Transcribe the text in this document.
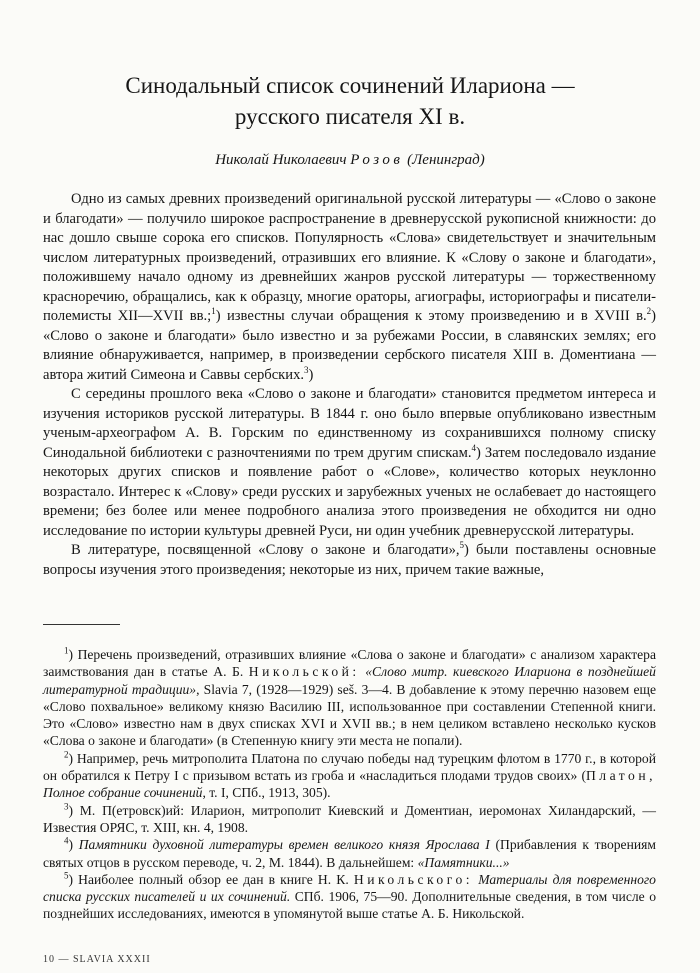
Синодальный список сочинений Илариона —
русского писателя XI в.
Николай Николаевич Розов (Ленинград)

Одно из самых древних произведений оригинальной русской литературы — «Слово о законе и благодати» — получило широкое распространение в древнерусской рукописной книжности: до нас дошло свыше сорока его списков. Популярность «Слова» свидетельствует и значительным числом литературных произведений, отразивших его влияние. К «Слову о законе и благодати», положившему начало одному из древнейших жанров русской литературы — торжественному красноречию, обращались, как к образцу, многие ораторы, агиографы, историографы и писатели-полемисты XII—XVII вв.;$^1$) известны случаи обращения к этому произведению и в XVIII в.$^2$) «Слово о законе и благодати» было известно и за рубежами России, в славянских землях; его влияние обнаруживается, например, в произведении сербского писателя XIII в. Доментиана — автора житий Симеона и Саввы сербских.$^3$)

С середины прошлого века «Слово о законе и благодати» становится предметом интереса и изучения историков русской литературы. В 1844 г. оно было впервые опубликовано известным ученым-археографом А. В. Горским по единственному из сохранившихся полному списку Синодальной библиотеки с разночтениями по трем другим спискам.$^4$) Затем последовало издание некоторых других списков и появление работ о «Слове», количество которых неуклонно возрастало. Интерес к «Слову» среди русских и зарубежных ученых не ослабевает до настоящего времени; без более или менее подробного анализа этого произведения не обходится ни одно исследование по истории культуры древней Руси, ни один учебник древнерусской литературы.

В литературе, посвященной «Слову о законе и благодати»,$^5$) были поставлены основные вопросы изучения этого произведения; некоторые из них, причем такие важные,

$^1$) Перечень произведений, отразивших влияние «Слова о законе и благодати» с анализом характера заимствования дан в статье А. Б. Никольской: «Слово митр. киевского Илариона в позднейшей литературной традиции», Slavia 7, (1928—1929) seš. 3—4. В добавление к этому перечню назовем еще «Слово похвальное» великому князю Василию III, использованное при составлении Степенной книги. Это «Слово» известно нам в двух списках XVI и XVII вв.; в нем целиком вставлено несколько кусков «Слова о законе и благодати» (в Степенную книгу эти места не попали).

$^2$) Например, речь митрополита Платона по случаю победы над турецким флотом в 1770 г., в которой он обратился к Петру I с призывом встать из гроба и «насладиться плодами трудов своих» (Платон, Полное собрание сочинений, т. I, СПб., 1913, 305).

$^3$) М. П(етровск)ий: Иларион, митрополит Киевский и Доментиан, иеромонах Хиландарский, — Известия ОРЯС, т. XIII, кн. 4, 1908.

$^4$) Памятники духовной литературы времен великого князя Ярослава I (Прибавления к творениям святых отцов в русском переводе, ч. 2, М. 1844). В дальнейшем: «Памятники...»

$^5$) Наиболее полный обзор ее дан в книге Н. К. Никольского: Материалы для повременного списка русских писателей и их сочинений. СПб. 1906, 75—90. Дополнительные сведения, в том числе о позднейших исследованиях, имеются в упомянутой выше статье А. Б. Никольской.

10 — SLAVIA XXXII
